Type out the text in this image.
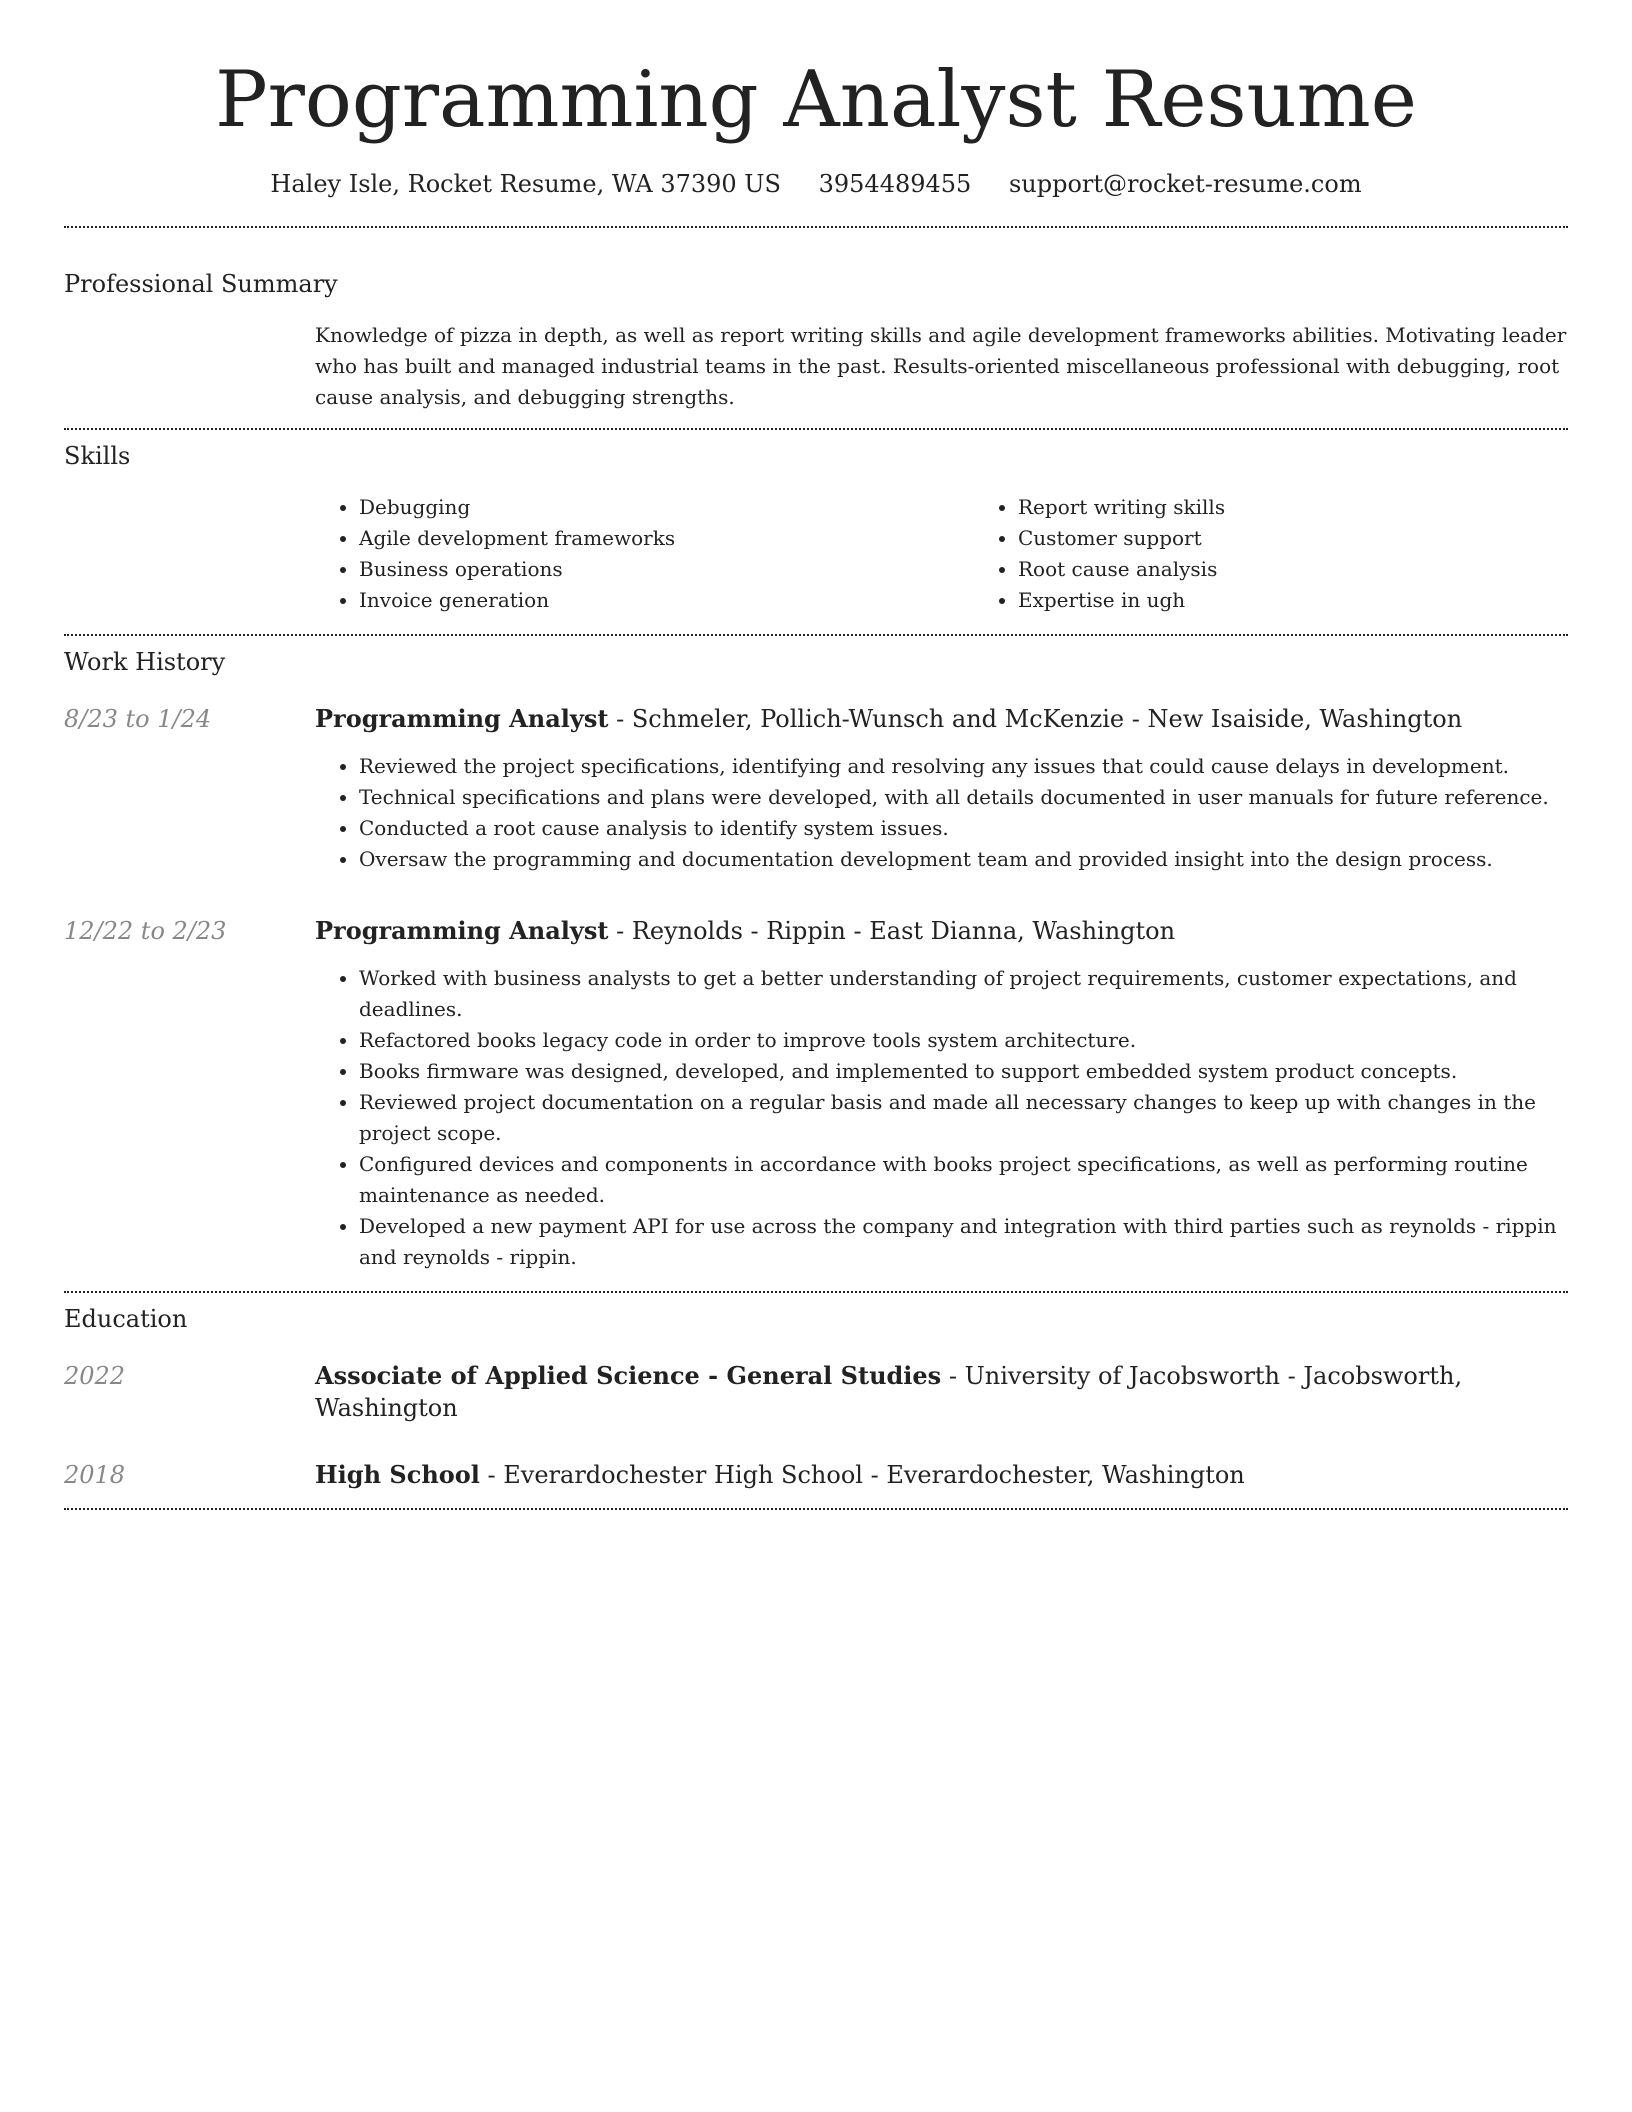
Programming Analyst Resume
Haley Isle, Rocket Resume, WA 37390 US 3954489455 support@rocket-resume.com
Professional Summary

Knowledge of pizza in depth, as well as report writing skills and agile development frameworks abilities. Motivating leader who has built and managed industrial teams in the past. Results-oriented miscellaneous professional with debugging, root cause analysis, and debugging strengths.

Skills
• Debugging
• Agile development frameworks
• Business operations
• Invoice generation
• Report writing skills
• Customer support
• Root cause analysis
• Expertise in ugh
Work History
8/23 to 1/24	Programming Analyst - Schmeler, Pollich-Wunsch and McKenzie - New Isaiside, Washington
• Reviewed the project specifications, identifying and resolving any issues that could cause delays in development.
• Technical specifications and plans were developed, with all details documented in user manuals for future reference.
• Conducted a root cause analysis to identify system issues.
• Oversaw the programming and documentation development team and provided insight into the design process.
12/22 to 2/23	Programming Analyst - Reynolds - Rippin - East Dianna, Washington
• Worked with business analysts to get a better understanding of project requirements, customer expectations, and deadlines.
• Refactored books legacy code in order to improve tools system architecture.
• Books firmware was designed, developed, and implemented to support embedded system product concepts.
• Reviewed project documentation on a regular basis and made all necessary changes to keep up with changes in the project scope.
• Configured devices and components in accordance with books project specifications, as well as performing routine maintenance as needed.
• Developed a new payment API for use across the company and integration with third parties such as reynolds - rippin and reynolds - rippin.
Education
2022	Associate of Applied Science - General Studies - University of Jacobsworth - Jacobsworth, Washington
2018	High School - Everardochester High School - Everardochester, Washington
